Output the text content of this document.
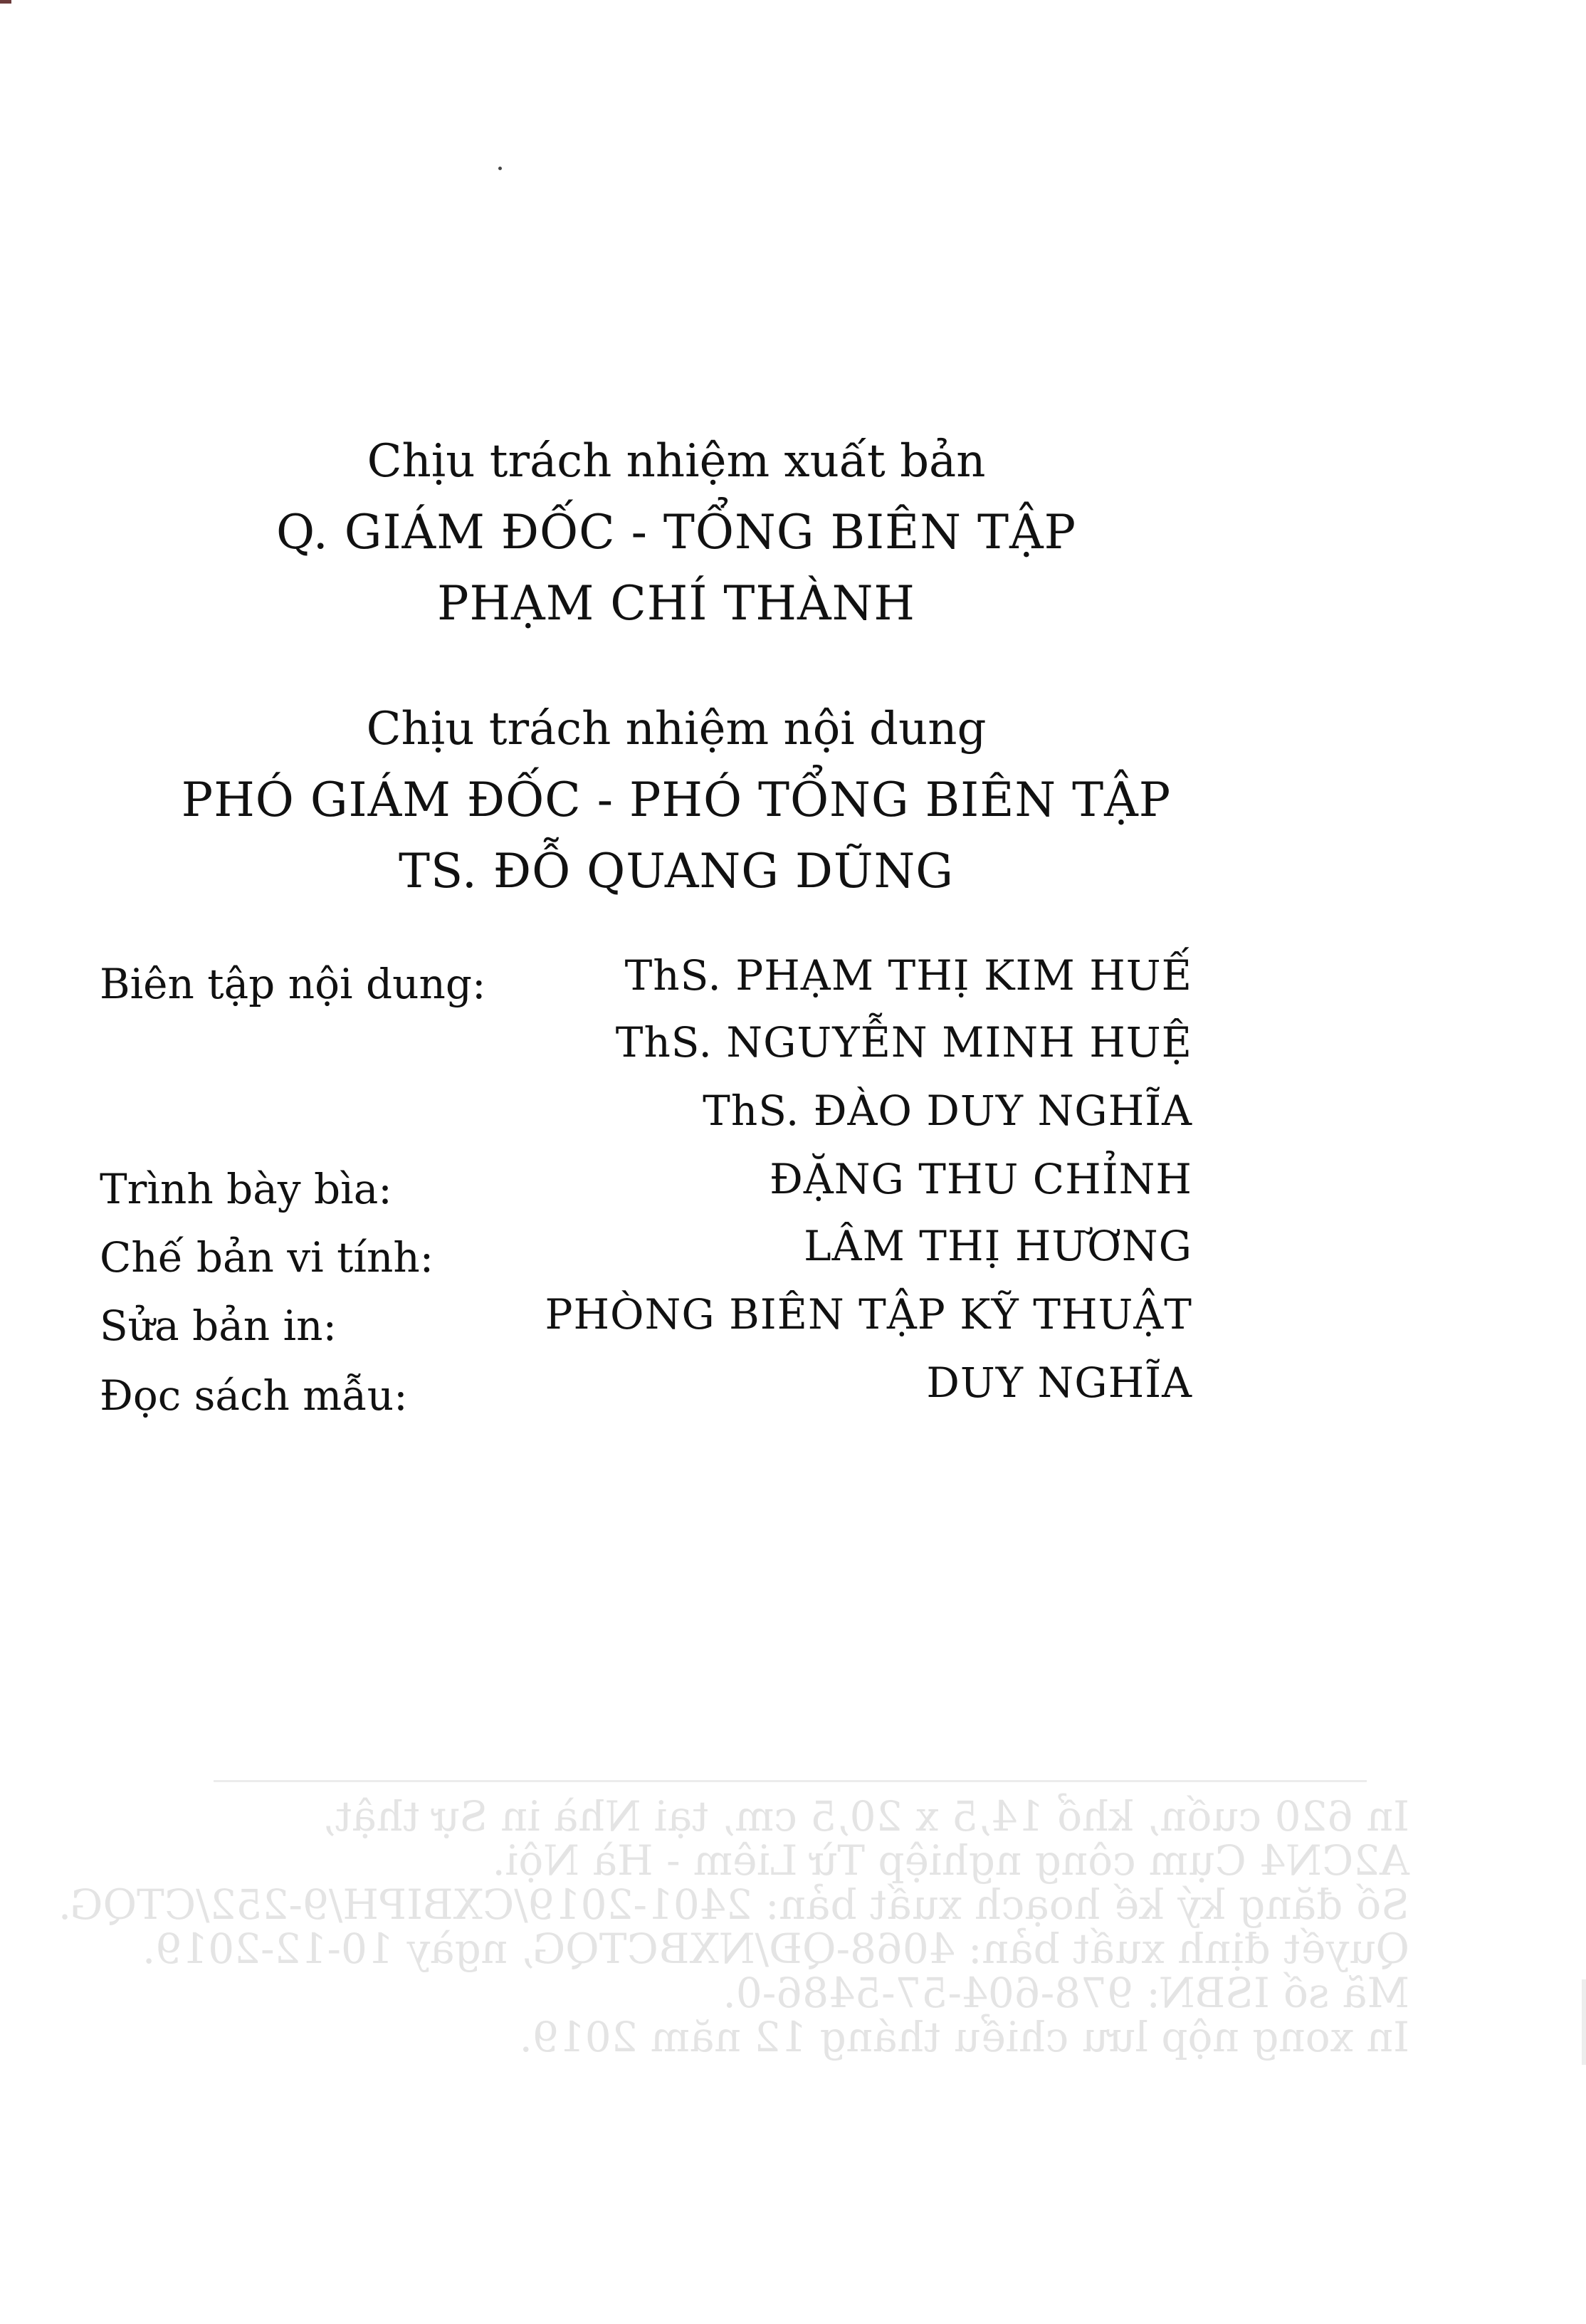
Chịu trách nhiệm xuất bản
Q. GIÁM ĐỐC - TỔNG BIÊN TẬP
PHẠM CHÍ THÀNH
Chịu trách nhiệm nội dung
PHÓ GIÁM ĐỐC - PHÓ TỔNG BIÊN TẬP
TS. ĐỖ QUANG DŨNG
Biên tập nội dung:	ThS. PHẠM THỊ KIM HUẾ
ThS. NGUYỄN MINH HUỆ
ThS. ĐÀO DUY NGHĨA
Trình bày bìa:	ĐẶNG THU CHỈNH
Chế bản vi tính:	LÂM THỊ HƯƠNG
Sửa bản in:	PHÒNG BIÊN TẬP KỸ THUẬT
Đọc sách mẫu:	DUY NGHĨA
In 620 cuốn, khổ 14,5 x 20,5 cm, tại Nhà in Sự thật,
A2CN4 Cụm công nghiệp Từ Liêm - Hà Nội.
Số đăng ký kế hoạch xuất bản: 2401-2019/CXBIPH/9-252/CTQG.
Quyết định xuất bản: 4068-QĐ/NXBCTQG, ngày 10-12-2019.
Mã số ISBN: 978-604-57-5486-0.
In xong nộp lưu chiểu tháng 12 năm 2019.
